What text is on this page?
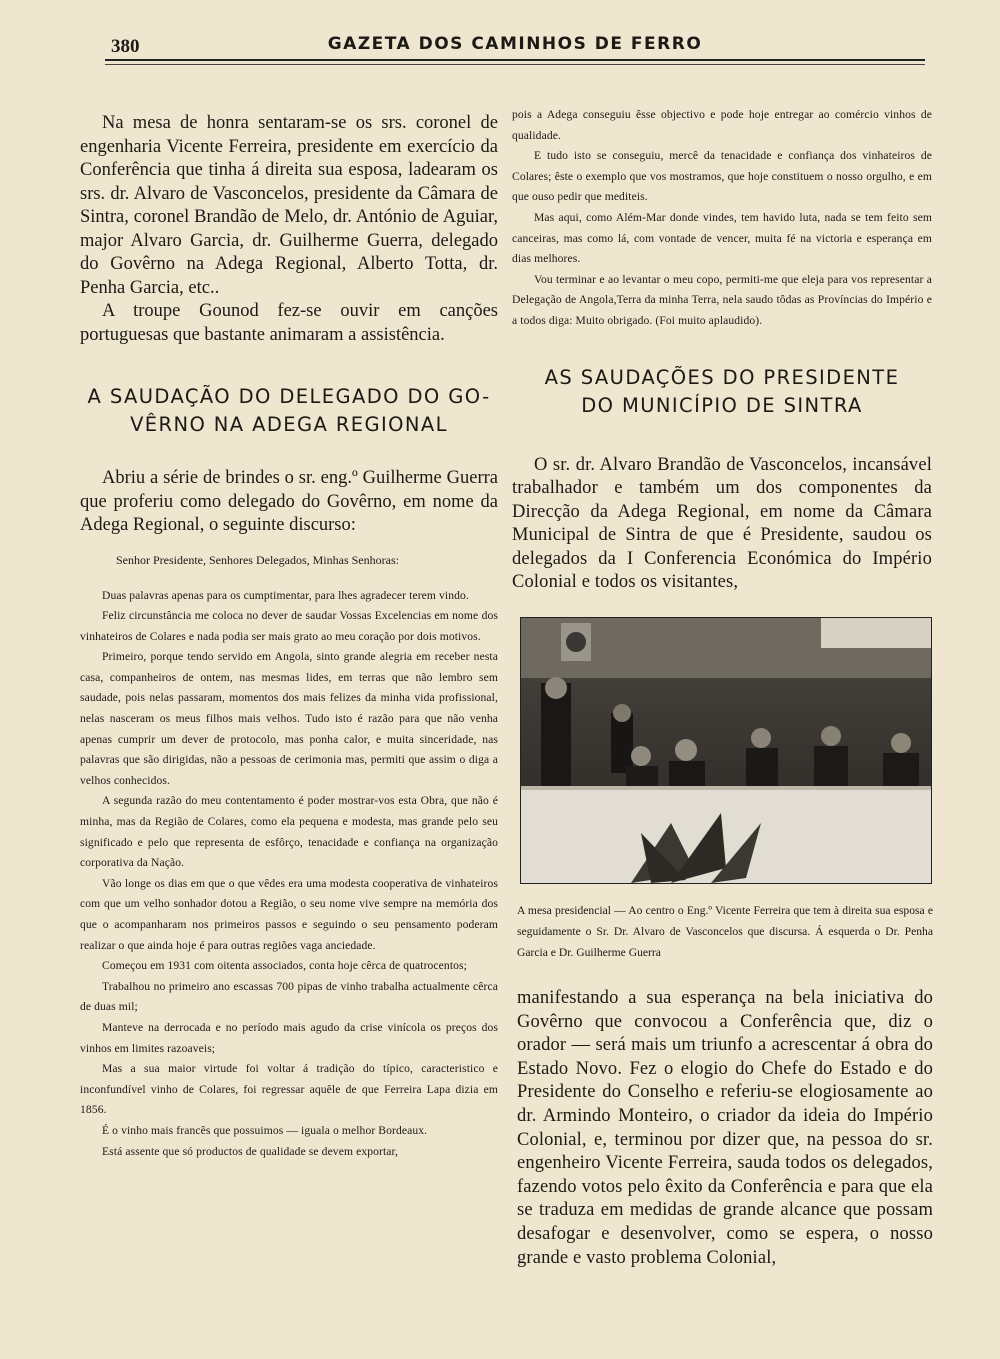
380	GAZETA DOS CAMINHOS DE FERRO

Na mesa de honra sentaram-se os srs. coronel de engenharia Vicente Ferreira, presidente em exercício da Conferência que tinha á direita sua esposa, ladearam os srs. dr. Alvaro de Vasconcelos, presidente da Câmara de Sintra, coronel Brandão de Melo, dr. António de Aguiar, major Alvaro Garcia, dr. Guilherme Guerra, delegado do Govêrno na Adega Regional, Alberto Totta, dr. Penha Garcia, etc..

A troupe Gounod fez-se ouvir em canções portuguesas que bastante animaram a assistência.

A SAUDAÇÃO DO DELEGADO DO GO-
VÊRNO NA ADEGA REGIONAL

Abriu a série de brindes o sr. eng.º Guilherme Guerra que proferiu como delegado do Govêrno, em nome da Adega Regional, o seguinte discurso:

Senhor Presidente, Senhores Delegados, Minhas Senhoras:

Duas palavras apenas para os cumptimentar, para lhes agradecer terem vindo.

Feliz circunstância me coloca no dever de saudar Vossas Excelencias em nome dos vinhateiros de Colares e nada podia ser mais grato ao meu coração por dois motivos.

Primeiro, porque tendo servido em Angola, sinto grande alegria em receber nesta casa, companheiros de ontem, nas mesmas lides, em terras que não lembro sem saudade, pois nelas passaram, momentos dos mais felizes da minha vida profissional, nelas nasceram os meus filhos mais velhos. Tudo isto é razão para que não venha apenas cumprir um dever de protocolo, mas ponha calor, e muita sinceridade, nas palavras que são dirigidas, não a pessoas de cerimonia mas, permiti que assim o diga a velhos conhecidos.

A segunda razão do meu contentamento é poder mostrar-vos esta Obra, que não é minha, mas da Região de Colares, como ela pequena e modesta, mas grande pelo seu significado e pelo que representa de esfôrço, tenacidade e confiança na organização corporativa da Nação.

Vão longe os dias em que o que vêdes era uma modesta cooperativa de vinhateiros com que um velho sonhador dotou a Região, o seu nome vive sempre na memória dos que o acompanharam nos primeiros passos e seguindo o seu pensamento poderam realizar o que ainda hoje é para outras regiões vaga anciedade.

Começou em 1931 com oitenta associados, conta hoje cêrca de quatrocentos;

Trabalhou no primeiro ano escassas 700 pipas de vinho trabalha actualmente cêrca de duas mil;

Manteve na derrocada e no período mais agudo da crise vinícola os preços dos vinhos em limites razoaveis;

Mas a sua maior virtude foi voltar á tradição do típico, caracteristico e inconfundível vinho de Colares, foi regressar aquêle de que Ferreira Lapa dizia em 1856.

É o vinho mais francês que possuimos — iguala o melhor Bordeaux.

Está assente que só productos de qualidade se devem exportar,

pois a Adega conseguiu êsse objectivo e pode hoje entregar ao comércio vinhos de qualidade.

E tudo isto se conseguiu, mercê da tenacidade e confiança dos vinhateiros de Colares; êste o exemplo que vos mostramos, que hoje constituem o nosso orgulho, e em que ouso pedir que mediteis.

Mas aqui, como Além-Mar donde vindes, tem havido luta, nada se tem feito sem canceiras, mas como lá, com vontade de vencer, muita fé na victoria e esperança em dias melhores.

Vou terminar e ao levantar o meu copo, permiti-me que eleja para vos representar a Delegação de Angola,Terra da minha Terra, nela saudo tôdas as Províncias do Império e a todos diga: Muito obrigado. (Foi muito aplaudido).

AS SAUDAÇÕES DO PRESIDENTE
DO MUNICÍPIO DE SINTRA

O sr. dr. Alvaro Brandão de Vasconcelos, incansável trabalhador e também um dos componentes da Direcção da Adega Regional, em nome da Câmara Municipal de Sintra de que é Presidente, saudou os delegados da I Conferencia Económica do Império Colonial e todos os visitantes,

A mesa presidencial — Ao centro o Eng.º Vicente Ferreira que tem à direita sua esposa e seguidamente o Sr. Dr. Alvaro de Vasconcelos que discursa. Á esquerda o Dr. Penha Garcia e Dr. Guilherme Guerra

manifestando a sua esperança na bela iniciativa do Govêrno que convocou a Conferência que, diz o orador — será mais um triunfo a acrescentar á obra do Estado Novo. Fez o elogio do Chefe do Estado e do Presidente do Conselho e referiu-se elogiosamente ao dr. Armindo Monteiro, o criador da ideia do Império Colonial, e, terminou por dizer que, na pessoa do sr. engenheiro Vicente Ferreira, sauda todos os delegados, fazendo votos pelo êxito da Conferência e para que ela se traduza em medidas de grande alcance que possam desafogar e desenvolver, como se espera, o nosso grande e vasto problema Colonial,
